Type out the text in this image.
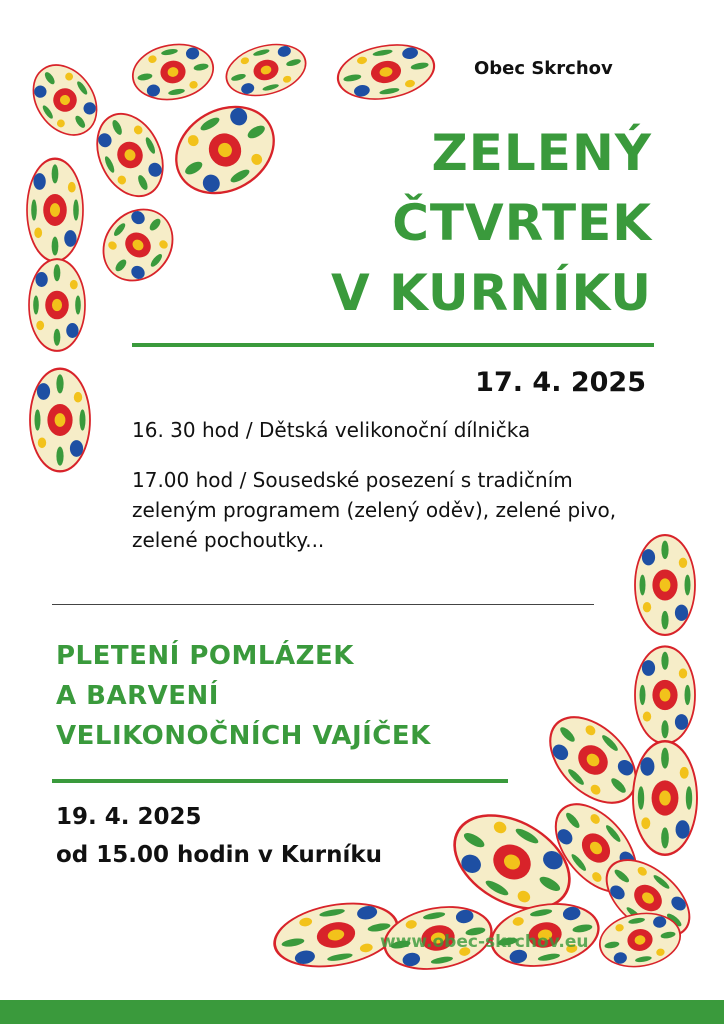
Obec Skrchov
ZELENÝ
ČTVRTEK
V KURNÍKU
17. 4. 2025
16. 30 hod / Dětská velikonoční dílnička
17.00 hod / Sousedské posezení s tradičním zeleným programem (zelený oděv), zelené pivo, zelené pochoutky...
PLETENÍ POMLÁZEK
A BARVENÍ
VELIKONOČNÍCH VAJÍČEK
19. 4. 2025
od 15.00 hodin v Kurníku
www.obec-skrchov.eu
